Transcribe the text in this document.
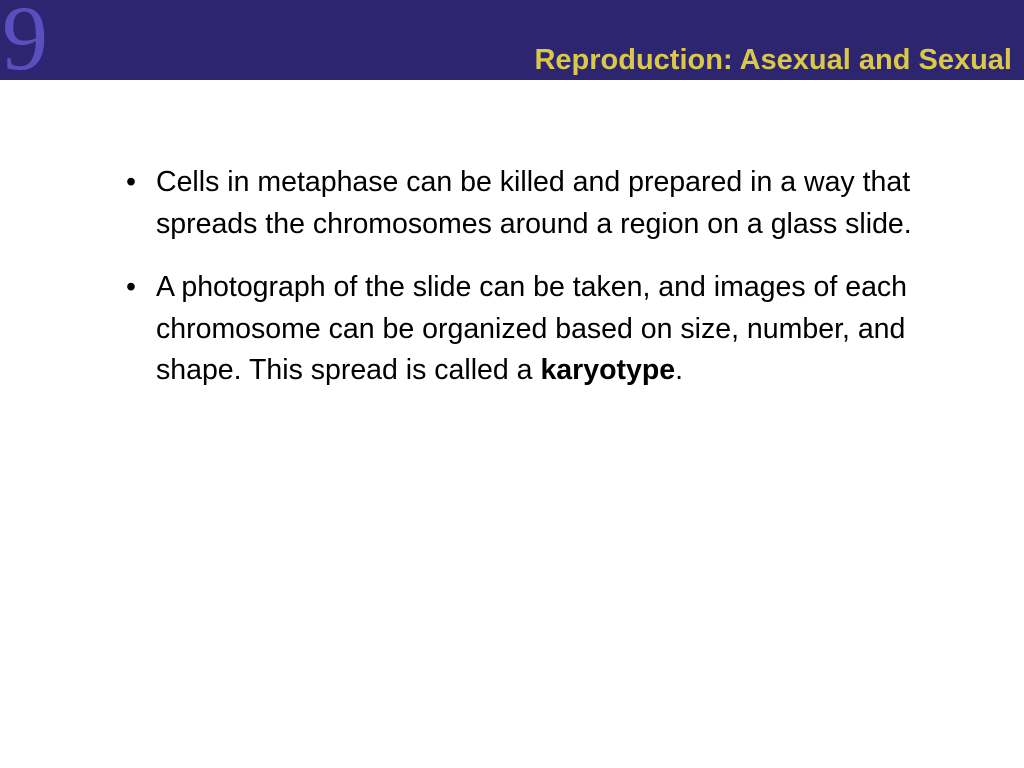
9	Reproduction: Asexual and Sexual
• Cells in metaphase can be killed and prepared in a way that spreads the chromosomes around a region on a glass slide.
• A photograph of the slide can be taken, and images of each chromosome can be organized based on size, number, and shape. This spread is called a karyotype.
